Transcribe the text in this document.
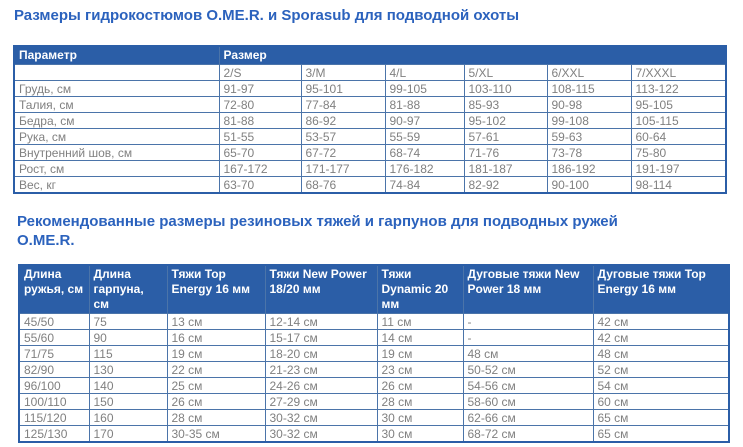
Размеры гидрокостюмов O.ME.R. и Sporasub для подводной охоты
Параметр	Размер					
	2/S	3/M	4/L	5/XL	6/XXL	7/XXXL
Грудь, см	91-97	95-101	99-105	103-110	108-115	113-122
Талия, см	72-80	77-84	81-88	85-93	90-98	95-105
Бедра, см	81-88	86-92	90-97	95-102	99-108	105-115
Рука, см	51-55	53-57	55-59	57-61	59-63	60-64
Внутренний шов, см	65-70	67-72	68-74	71-76	73-78	75-80
Рост, см	167-172	171-177	176-182	181-187	186-192	191-197
Вес, кг	63-70	68-76	74-84	82-92	90-100	98-114
Рекомендованные размеры резиновых тяжей и гарпунов для подводных ружей
O.ME.R.
Длина ружья, см	Длина гарпуна, см	Тяжи Top Energy 16 мм	Тяжи New Power 18/20 мм	Тяжи Dynamic 20 мм	Дуговые тяжи New Power 18 мм	Дуговые тяжи Top Energy 16 мм
45/50	75	13 см	12-14 см	11 см	-	42 см
55/60	90	16 см	15-17 см	14 см	-	42 см
71/75	115	19 см	18-20 см	19 см	48 см	48 см
82/90	130	22 см	21-23 см	23 см	50-52 см	52 см
96/100	140	25 см	24-26 см	26 см	54-56 см	54 см
100/110	150	26 см	27-29 см	28 см	58-60 см	60 см
115/120	160	28 см	30-32 см	30 см	62-66 см	65 см
125/130	170	30-35 см	30-32 см	30 см	68-72 см	65 см
